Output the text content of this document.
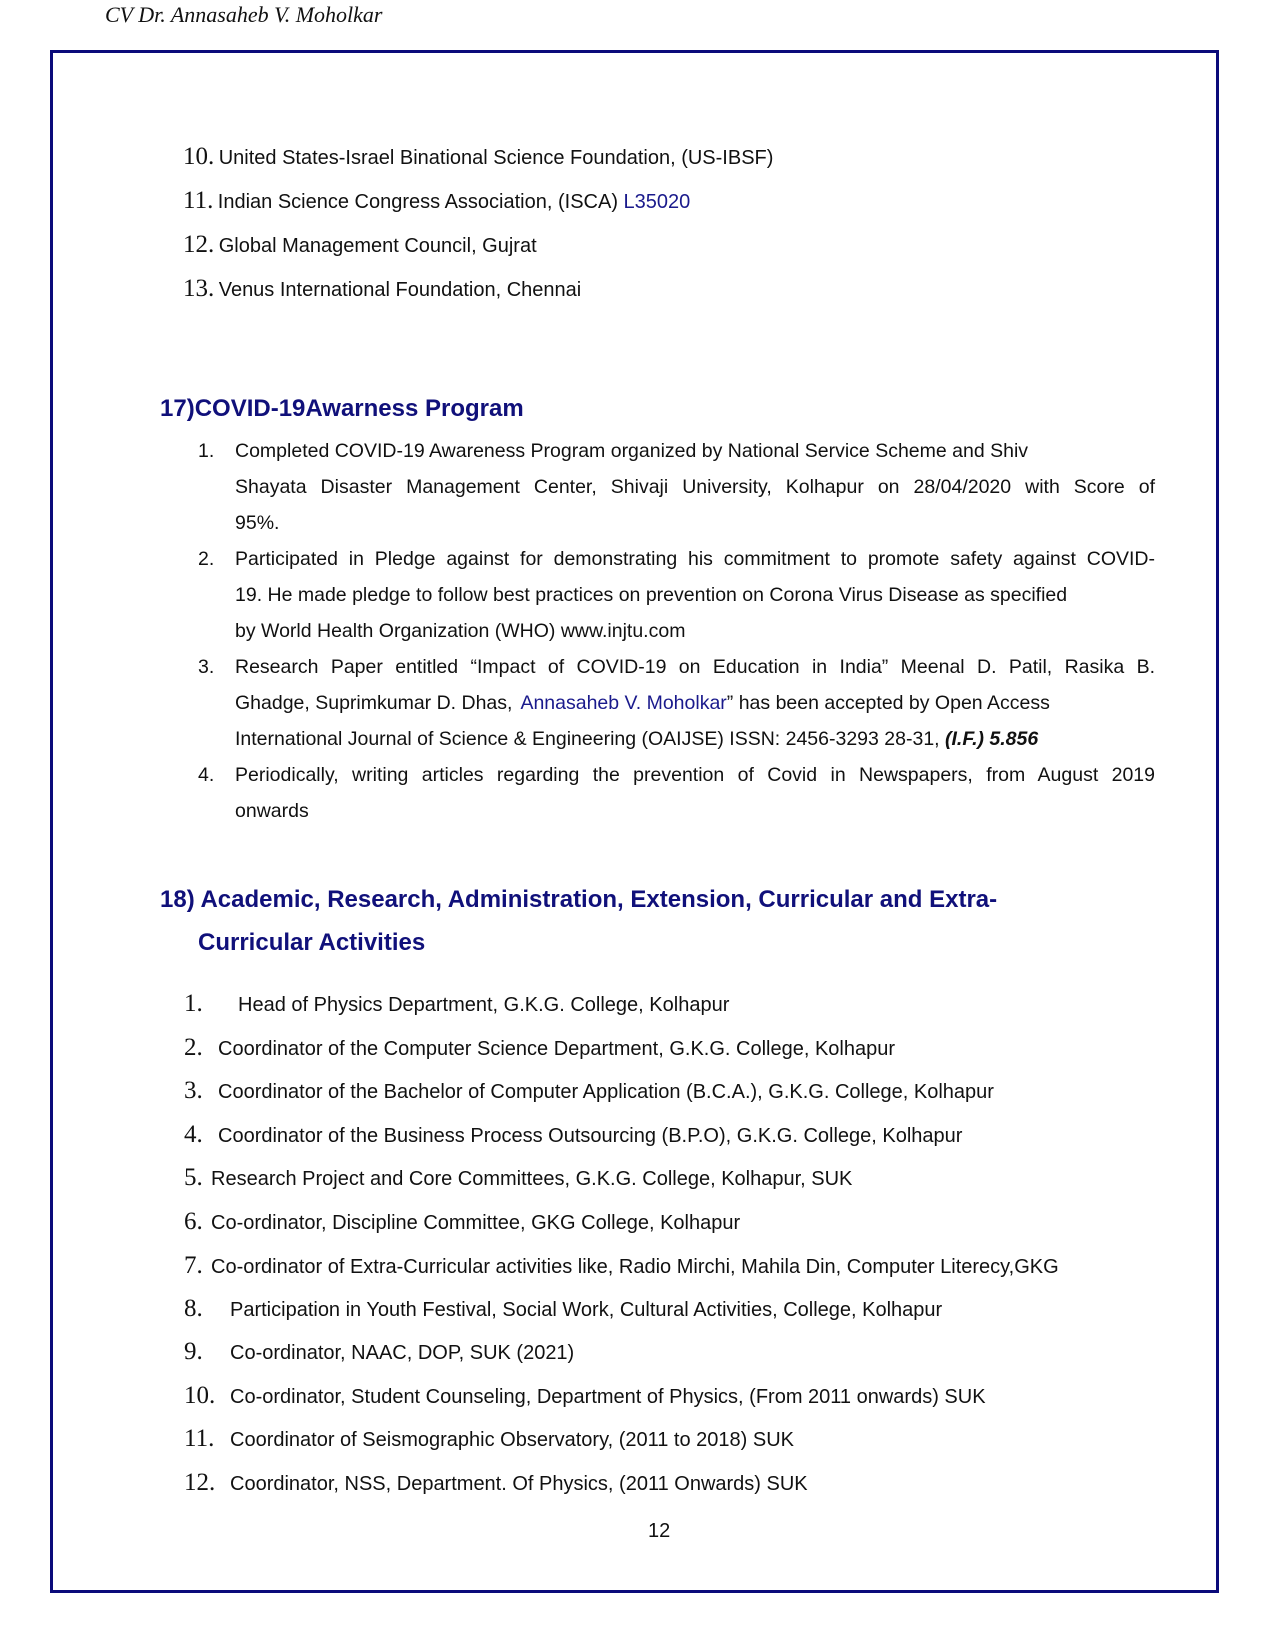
CV Dr. Annasaheb V. Moholkar
10. United States-Israel Binational Science Foundation, (US-IBSF)
11. Indian Science Congress Association, (ISCA) L35020
12. Global Management Council, Gujrat
13. Venus International Foundation, Chennai
17)COVID-19Awarness Program
1. Completed COVID-19 Awareness Program organized by National Service Scheme and Shiv
Shayata Disaster Management Center, Shivaji University, Kolhapur on 28/04/2020 with Score of
95%.
2. Participated in Pledge against for demonstrating his commitment to promote safety against COVID-
19. He made pledge to follow best practices on prevention on Corona Virus Disease as specified
by World Health Organization (WHO) www.injtu.com
3. Research Paper entitled “Impact of COVID-19 on Education in India” Meenal D. Patil, Rasika B.
Ghadge, Suprimkumar D. Dhas, Annasaheb V. Moholkar” has been accepted by Open Access
International Journal of Science & Engineering (OAIJSE) ISSN: 2456-3293 28-31, (I.F.) 5.856
4. Periodically, writing articles regarding the prevention of Covid in Newspapers, from August 2019
onwards
18) Academic, Research, Administration, Extension, Curricular and Extra-
Curricular Activities
1. Head of Physics Department, G.K.G. College, Kolhapur
2. Coordinator of the Computer Science Department, G.K.G. College, Kolhapur
3. Coordinator of the Bachelor of Computer Application (B.C.A.), G.K.G. College, Kolhapur
4. Coordinator of the Business Process Outsourcing (B.P.O), G.K.G. College, Kolhapur
5. Research Project and Core Committees, G.K.G. College, Kolhapur, SUK
6. Co-ordinator, Discipline Committee, GKG College, Kolhapur
7. Co-ordinator of Extra-Curricular activities like, Radio Mirchi, Mahila Din, Computer Literecy,GKG
8. Participation in Youth Festival, Social Work, Cultural Activities, College, Kolhapur
9. Co-ordinator, NAAC, DOP, SUK (2021)
10. Co-ordinator, Student Counseling, Department of Physics, (From 2011 onwards) SUK
11. Coordinator of Seismographic Observatory, (2011 to 2018) SUK
12. Coordinator, NSS, Department. Of Physics, (2011 Onwards) SUK
12
